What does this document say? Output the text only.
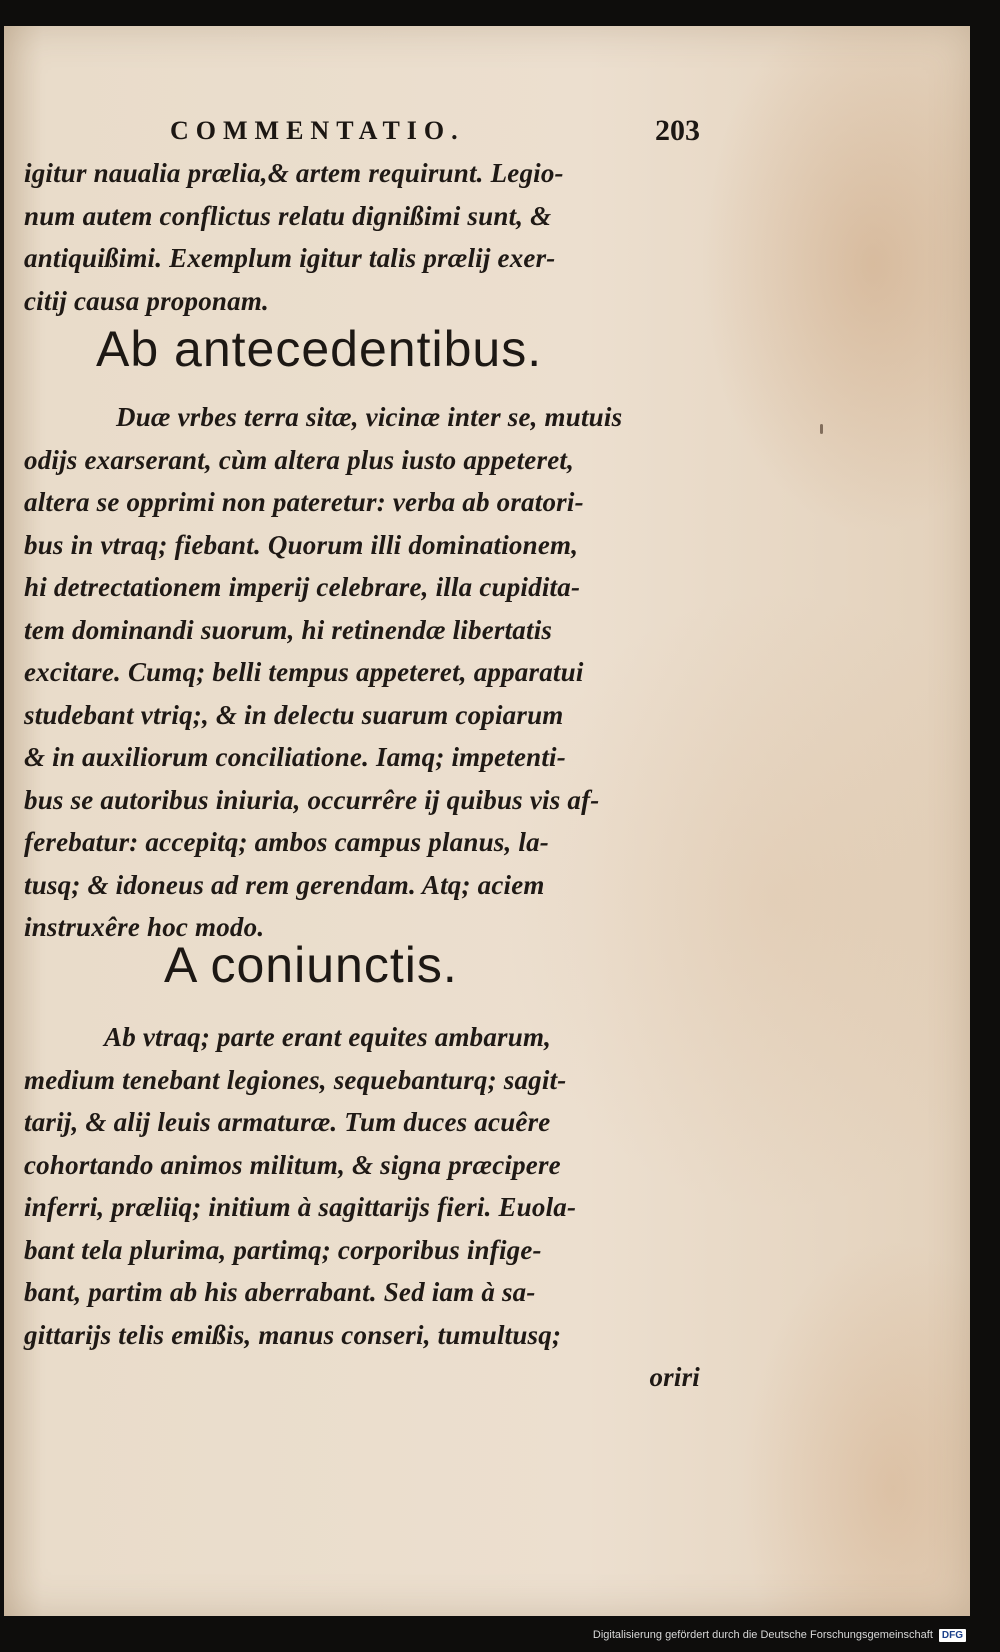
COMMENTATIO.	203

igitur naualia prælia,& artem requirunt. Legio-
num autem conflictus relatu dignißimi sunt, &
antiquißimi. Exemplum igitur talis prælij exer-
citij causa proponam.

Ab antecedentibus.

Duæ vrbes terra sitæ, vicinæ inter se, mutuis
odijs exarserant, cùm altera plus iusto appeteret,
altera se opprimi non pateretur: verba ab oratori-
bus in vtraq; fiebant. Quorum illi dominationem,
hi detrectationem imperij celebrare, illa cupidita-
tem dominandi suorum, hi retinendæ libertatis
excitare. Cumq; belli tempus appeteret, apparatui
studebant vtriq;, & in delectu suarum copiarum
& in auxiliorum conciliatione. Iamq; impetenti-
bus se autoribus iniuria, occurrêre ij quibus vis af-
ferebatur: accepitq; ambos campus planus, la-
tusq; & idoneus ad rem gerendam. Atq; aciem
instruxêre hoc modo.

A coniunctis.

Ab vtraq; parte erant equites ambarum,
medium tenebant legiones, sequebanturq; sagit-
tarij, & alij leuis armaturæ. Tum duces acuêre
cohortando animos militum, & signa præcipere
inferri, præliiq; initium à sagittarijs fieri. Euola-
bant tela plurima, partimq; corporibus infige-
bant, partim ab his aberrabant. Sed iam à sa-
gittarijs telis emißis, manus conseri, tumultusq;
oriri

Digitalisierung gefördert durch die Deutsche Forschungsgemeinschaft DFG
